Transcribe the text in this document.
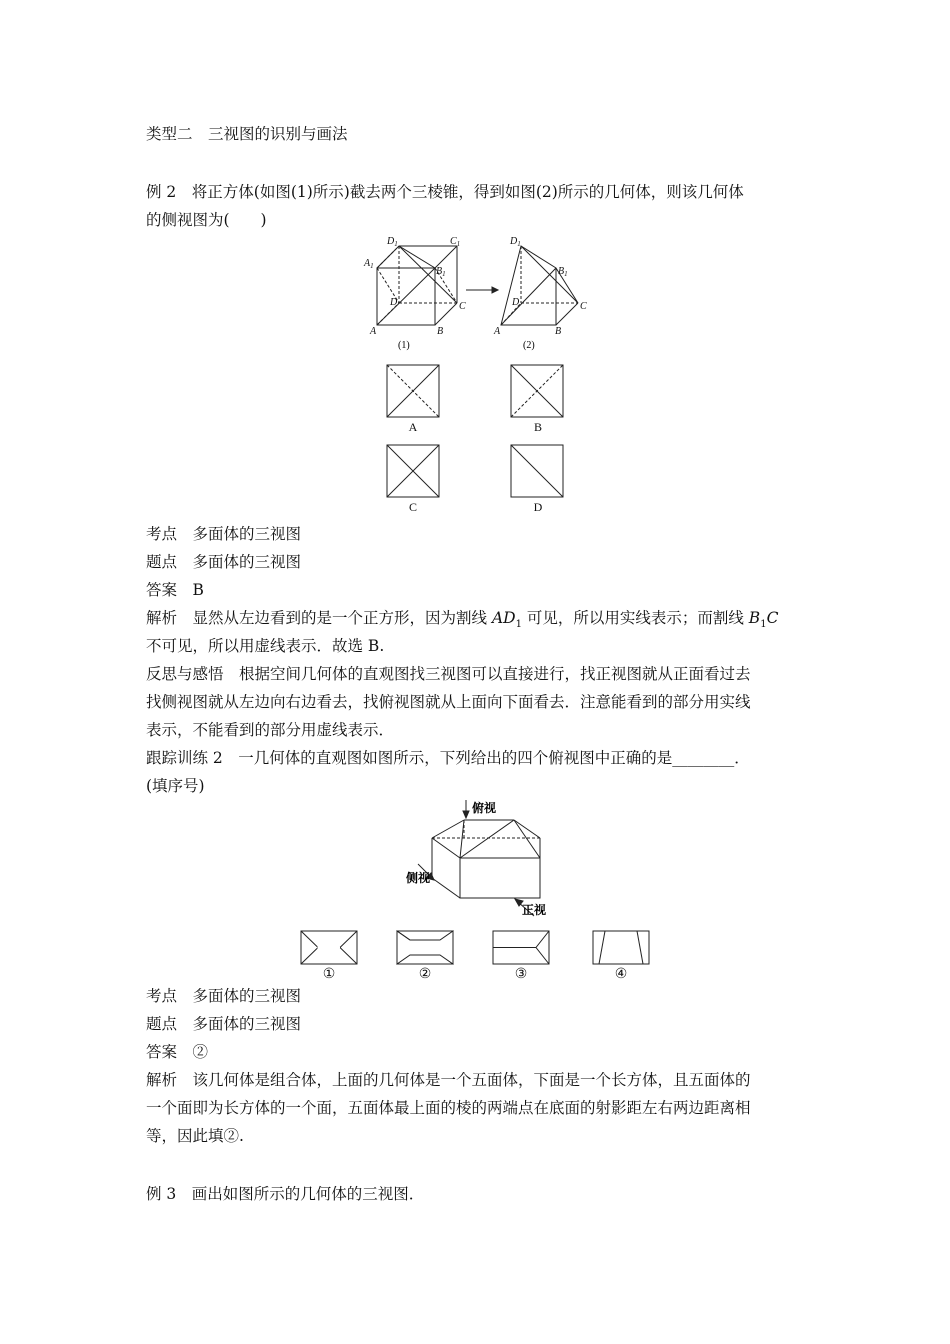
类型二　三视图的识别与画法
例 2　将正方体(如图(1)所示)截去两个三棱锥，得到如图(2)所示的几何体，则该几何体
的侧视图为(　　)
$D_1$	$C_1$
$A_1$	$B_1$
D	C
A	B
$D_1$
$B_1$
D	C
A	B
(1)	(2)
A	B
C	D
考点　多面体的三视图
题点　多面体的三视图
答案　B
解析　显然从左边看到的是一个正方形，因为割线 $AD_1$ 可见，所以用实线表示；而割线 $B_1C$
不可见，所以用虚线表示．故选 B.
反思与感悟　根据空间几何体的直观图找三视图可以直接进行，找正视图就从正面看过去
找侧视图就从左边向右边看去，找俯视图就从上面向下面看去．注意能看到的部分用实线
表示，不能看到的部分用虚线表示．
跟踪训练 2　一几何体的直观图如图所示，下列给出的四个俯视图中正确的是________．
(填序号)
俯视
侧视
正视
①	②	③	④
考点　多面体的三视图
题点　多面体的三视图
答案　②
解析　该几何体是组合体，上面的几何体是一个五面体，下面是一个长方体，且五面体的
一个面即为长方体的一个面，五面体最上面的棱的两端点在底面的射影距左右两边距离相
等，因此填②.
例 3　画出如图所示的几何体的三视图．
